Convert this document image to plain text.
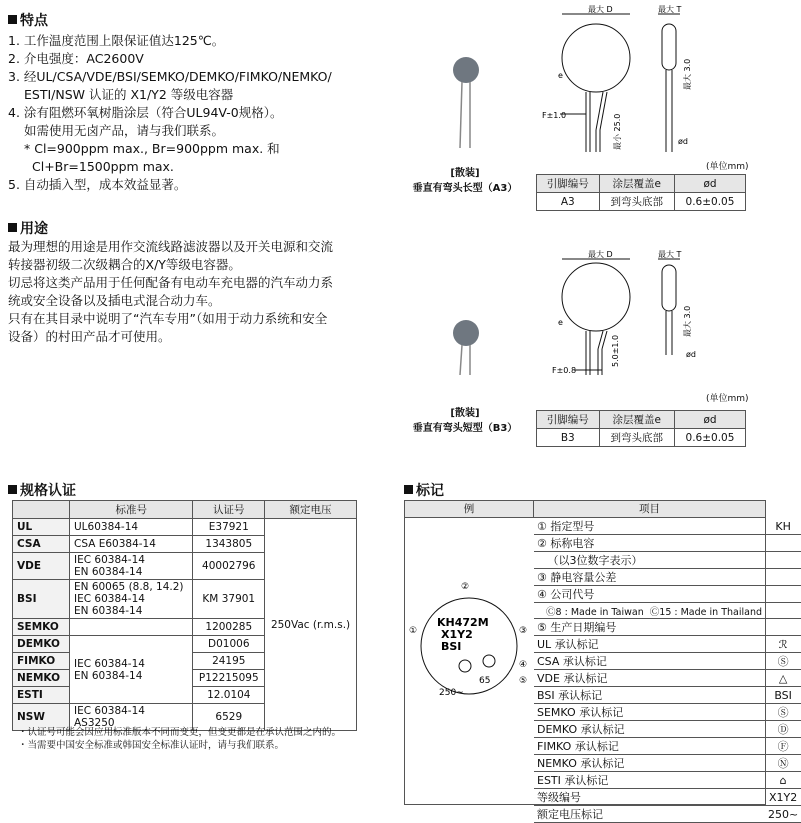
特点
1. 工作温度范围上限保证值达125℃。
2. 介电强度：AC2600V
3. 经UL/CSA/VDE/BSI/SEMKO/DEMKO/FIMKO/NEMKO/
ESTI/NSW 认证的 X1/Y2 等级电容器
4. 涂有阻燃环氧树脂涂层（符合UL94V-0规格）。
如需使用无卤产品，请与我们联系。
* Cl=900ppm max., Br=900ppm max. 和
Cl+Br=1500ppm max.
5. 自动插入型，成本效益显著。
用途
最为理想的用途是用作交流线路滤波器以及开关电源和交流
转接器初级二次级耦合的X/Y等级电容器。
切忌将这类产品用于任何配备有电动车充电器的汽车动力系
统或安全设备以及插电式混合动力车。
只有在其目录中说明了“汽车专用”（如用于动力系统和安全
设备）的村田产品才可使用。
最大 D	最大 T
e
F±1.0	最小 25.0
最大 3.0
ød
[散装]
垂直有弯头长型（A3）
(单位mm)
引脚编号	涂层覆盖e	ød
A3	到弯头底部	0.6±0.05
最大 D	最大 T
e
F±0.8
5.0±1.0
最大 3.0
ød
[散装]
垂直有弯头短型（B3）
(单位mm)
引脚编号	涂层覆盖e	ød
B3	到弯头底部	0.6±0.05
规格认证
	标准号	认证号	额定电压
UL	UL60384-14	E37921	250Vac (r.m.s.)
CSA	CSA E60384-14	1343805	
VDE	IEC 60384-14
EN 60384-14	40002796	
BSI	EN 60065 (8.8, 14.2)
IEC 60384-14
EN 60384-14	KM 37901	
SEMKO		1200285	
DEMKO	IEC 60384-14
EN 60384-14	D01006	
FIMKO		24195	
NEMKO		P12215095	
ESTI		12.0104	
NSW	IEC 60384-14
AS3250	6529	
・认证号可能会因应用标准版本不同而变更，但变更都是在承认范围之内的。
・当需要中国安全标准或韩国安全标准认证时，请与我们联系。
标记
例	项目
KH472M
X1Y2
BSI
65
250~
①
②
③
④
⑤
① 指定型号	KH
② 标称电容	
（以3位数字表示）	
③ 静电容量公差	
④ 公司代号	
Ⓒ8 : Made in Taiwan  Ⓒ15 : Made in Thailand	
⑤ 生产日期编号	
UL 承认标记	ℛ
CSA 承认标记	Ⓢ
VDE 承认标记	△
BSI 承认标记	BSI
SEMKO 承认标记	Ⓢ
DEMKO 承认标记	Ⓓ
FIMKO 承认标记	Ⓕ
NEMKO 承认标记	Ⓝ
ESTI 承认标记	⌂
等级编号	X1Y2
额定电压标记	250~
